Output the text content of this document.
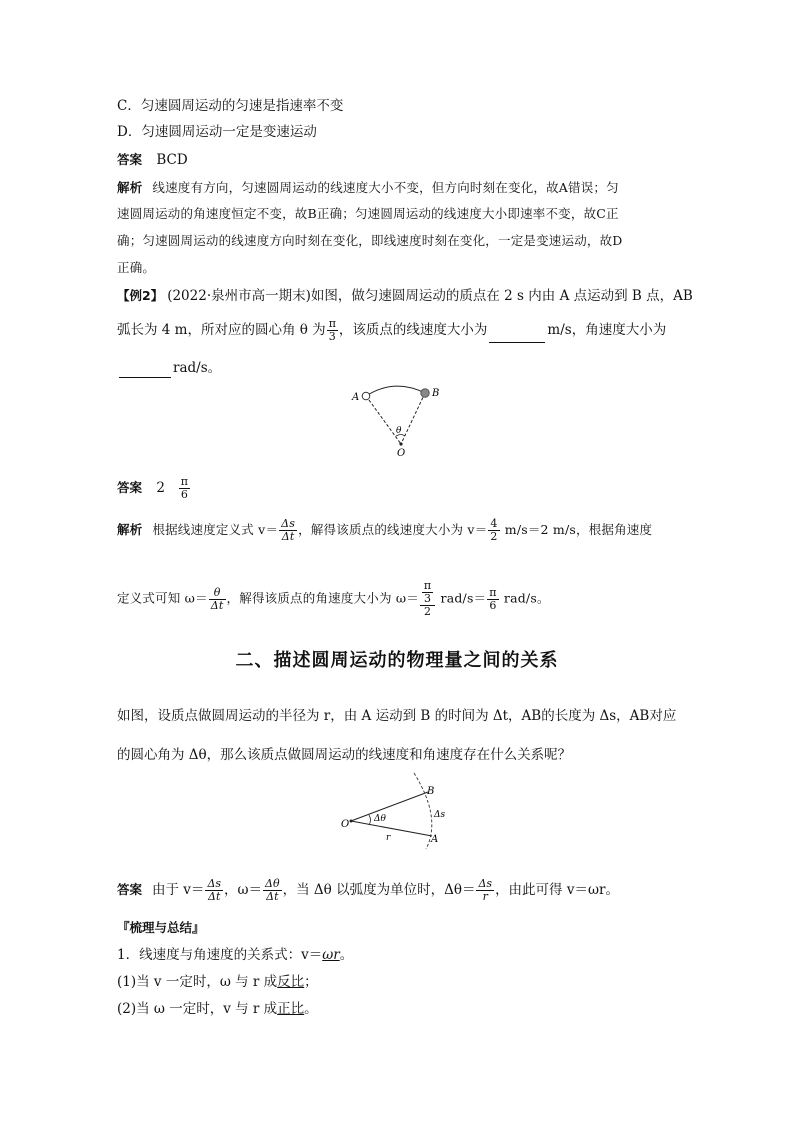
C．匀速圆周运动的匀速是指速率不变
D．匀速圆周运动一定是变速运动
答案 BCD
解析 线速度有方向，匀速圆周运动的线速度大小不变，但方向时刻在变化，故A错误；匀
速圆周运动的角速度恒定不变，故B正确；匀速圆周运动的线速度大小即速率不变，故C正
确；匀速圆周运动的线速度方向时刻在变化，即线速度时刻在变化，一定是变速运动，故D
正确。
【例2】 (2022·泉州市高一期末)如图，做匀速圆周运动的质点在 2 s 内由 A 点运动到 B 点，AB
弧长为 4 m，所对应的圆心角 θ 为 $\frac{\pi}{3}$ ，该质点的线速度大小为	m/s，角速度大小为
rad/s。
A	B
O
θ
答案 $2 \frac{\pi}{6}$
解析 根据线速度定义式 $v= \frac{\Delta s}{\Delta t}$ ，解得该质点的线速度大小为 $v= \frac{4}{2} m/s=2$ m/s，根据角速度
定义式可知 $\omega= \frac{\theta}{\Delta t}$ ，解得该质点的角速度大小为 $\omega= \frac{\frac{\pi}{3}}{2} rad/s= \frac{\pi}{6} rad/s$。
二、描述圆周运动的物理量之间的关系
如图，设质点做圆周运动的半径为 r，由 A 运动到 B 的时间为 Δt，AB的长度为 Δs，AB对应
的圆心角为 Δθ，那么该质点做圆周运动的线速度和角速度存在什么关系呢？
O
B
A
Δθ	Δs
r
答案 由于 $v= \frac{\Delta s}{\Delta t}$ ，$\omega= \frac{\Delta\theta}{\Delta t}$ ，当 Δθ 以弧度为单位时，$\Delta\theta= \frac{\Delta s}{r}$ ，由此可得 v＝ωr。
『梳理与总结』
1．线速度与角速度的关系式：v＝ωr。
(1)当 v 一定时，ω 与 r 成反比；
(2)当 ω 一定时，v 与 r 成正比。
